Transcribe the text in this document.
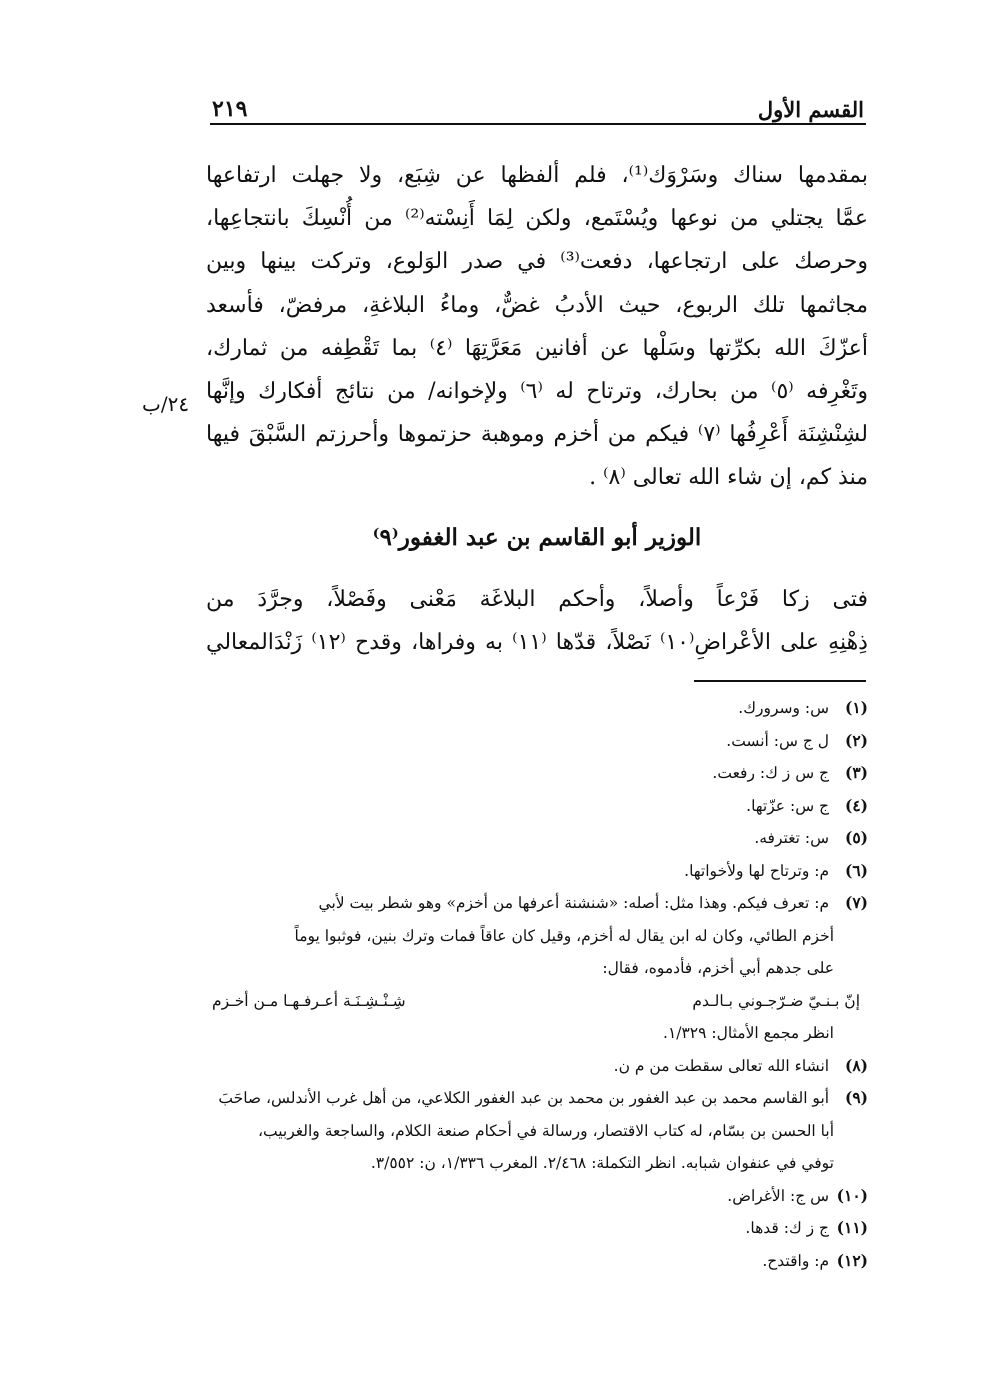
القسم الأول
٢١٩
بمقدمها سناك وسَرْوَك⁽¹⁾، فلم ألفظها عن شِبَع، ولا جهلت ارتفاعها
عمَّا يجتلي من نوعها ويُسْتَمع، ولكن لِمَا أَنِسْته⁽²⁾ من أُنْسِكَ بانتجاعِها،
وحرصك على ارتجاعها، دفعت⁽³⁾ في صدر الوَلوع، وتركت بينها وبين
مجاثمها تلك الربوع، حيث الأدبُ غضٌّ، وماءُ البلاغةِ، مرفضّ، فأسعد
أعزّكَ الله بكرِّتها وسَلْها عن أفانين مَعَرَّتِهَا ⁽٤⁾ بما تَقْطِفه من ثمارك،
وتَغْرِفه ⁽٥⁾ من بحارك، وترتاح له ⁽٦⁾ ولإخوانه/ من نتائج أفكارك وإنَّها
لشِنْشِنَة أَعْرِفُها ⁽٧⁾ فيكم من أخزم وموهبة حزتموها وأحرزتم السَّبْقَ فيها
منذ كم، إن شاء الله تعالى ⁽٨⁾ .
٢٤/ب
الوزير أبو القاسم بن عبد الغفور⁽٩⁾
فتى زكا فَرْعاً وأصلاً، وأحكم البلاغَة مَعْنى وفَصْلاً، وجرَّدَ من
ذِهْنِهِ على الأعْراضِ⁽١٠⁾ نَصْلاً، قدّها ⁽١١⁾ به وفراها، وقدح ⁽١٢⁾ زَنْدَالمعالي
(١) س: وسرورك.
(٢) ل ج س: أنست.
(٣) ج س ز ك: رفعت.
(٤) ج س: عزّتها.
(٥) س: تغترفه.
(٦) م: وترتاح لها ولأخواتها.
(٧) م: تعرف فيكم. وهذا مثل: أصله: «شنشنة أعرفها من أخزم» وهو شطر بيت لأبي
أخزم الطائي، وكان له ابن يقال له أخزم، وقيل كان عاقاً فمات وترك بنين، فوثبوا يوماً
على جدهم أبي أخزم، فأدموه، فقال:
إنّ بـنـيّ ضـرّجـوني بـالـدم
شِـنْـشِـنَـة أعـرفـهـا مـن أخـزم
انظر مجمع الأمثال: ١/٣٢٩.
(٨) انشاء الله تعالى سقطت من م ن.
(٩) أبو القاسم محمد بن عبد الغفور بن محمد بن عبد الغفور الكلاعي، من أهل غرب الأندلس، صاحَبَ
أبا الحسن بن بسّام، له كتاب الاقتصار، ورسالة في أحكام صنعة الكلام، والساجعة والغربيب،
توفي في عنفوان شبابه. انظر التكملة: ٢/٤٦٨. المغرب ١/٣٣٦، ن: ٣/٥٥٢.
(١٠) س ج: الأغراض.
(١١) ج ز ك: قدها.
(١٢) م: واقتدح.
